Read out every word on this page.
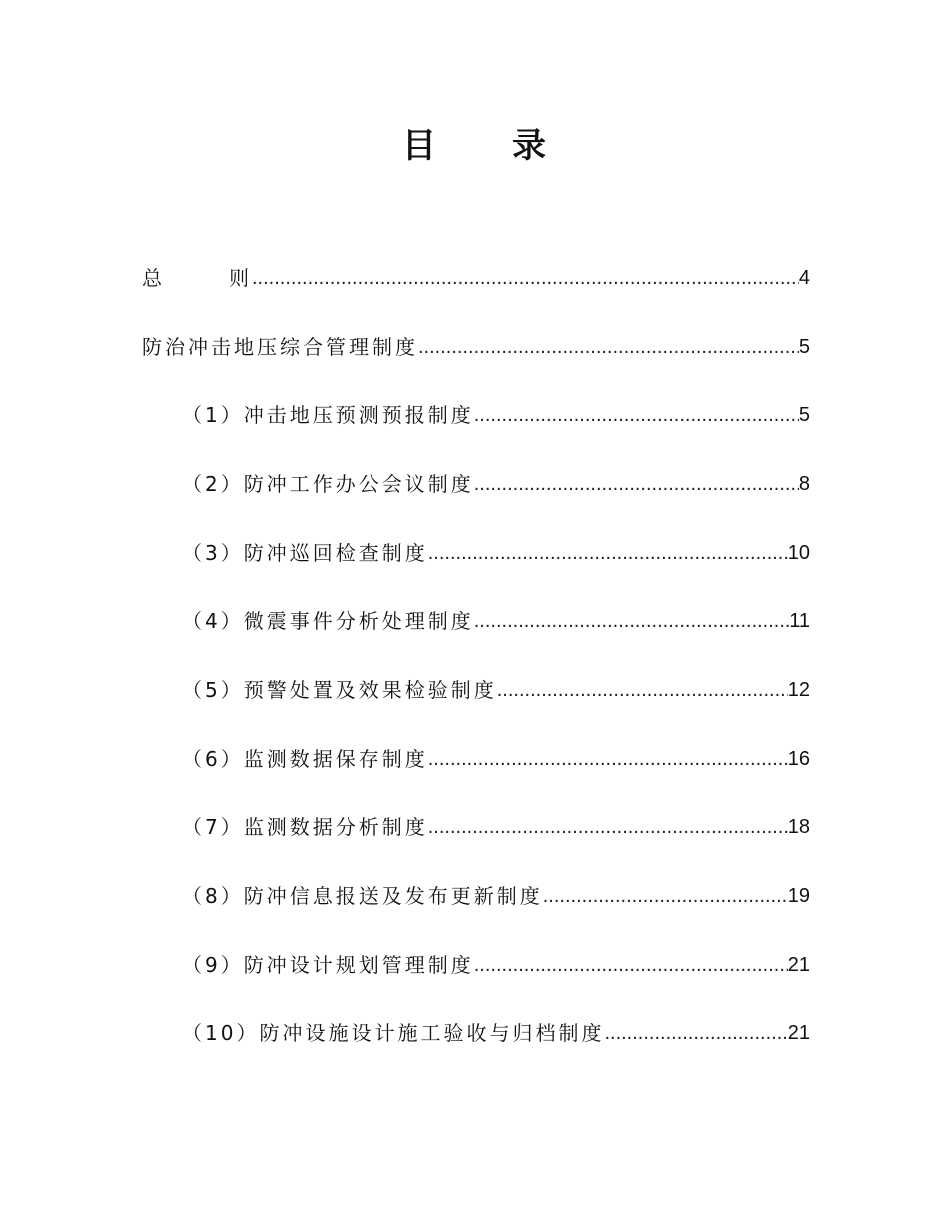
目 录
总	则 .....	4
防治冲击地压综合管理制度 .....	5
（1）冲击地压预测预报制度 .....	5
（2）防冲工作办公会议制度 .....	8
（3）防冲巡回检查制度 .....	10
（4）微震事件分析处理制度 .....	11
（5）预警处置及效果检验制度 .....	12
（6）监测数据保存制度 .....	16
（7）监测数据分析制度 .....	18
（8）防冲信息报送及发布更新制度 .....	19
（9）防冲设计规划管理制度 .....	21
（10）防冲设施设计施工验收与归档制度 .....	21
